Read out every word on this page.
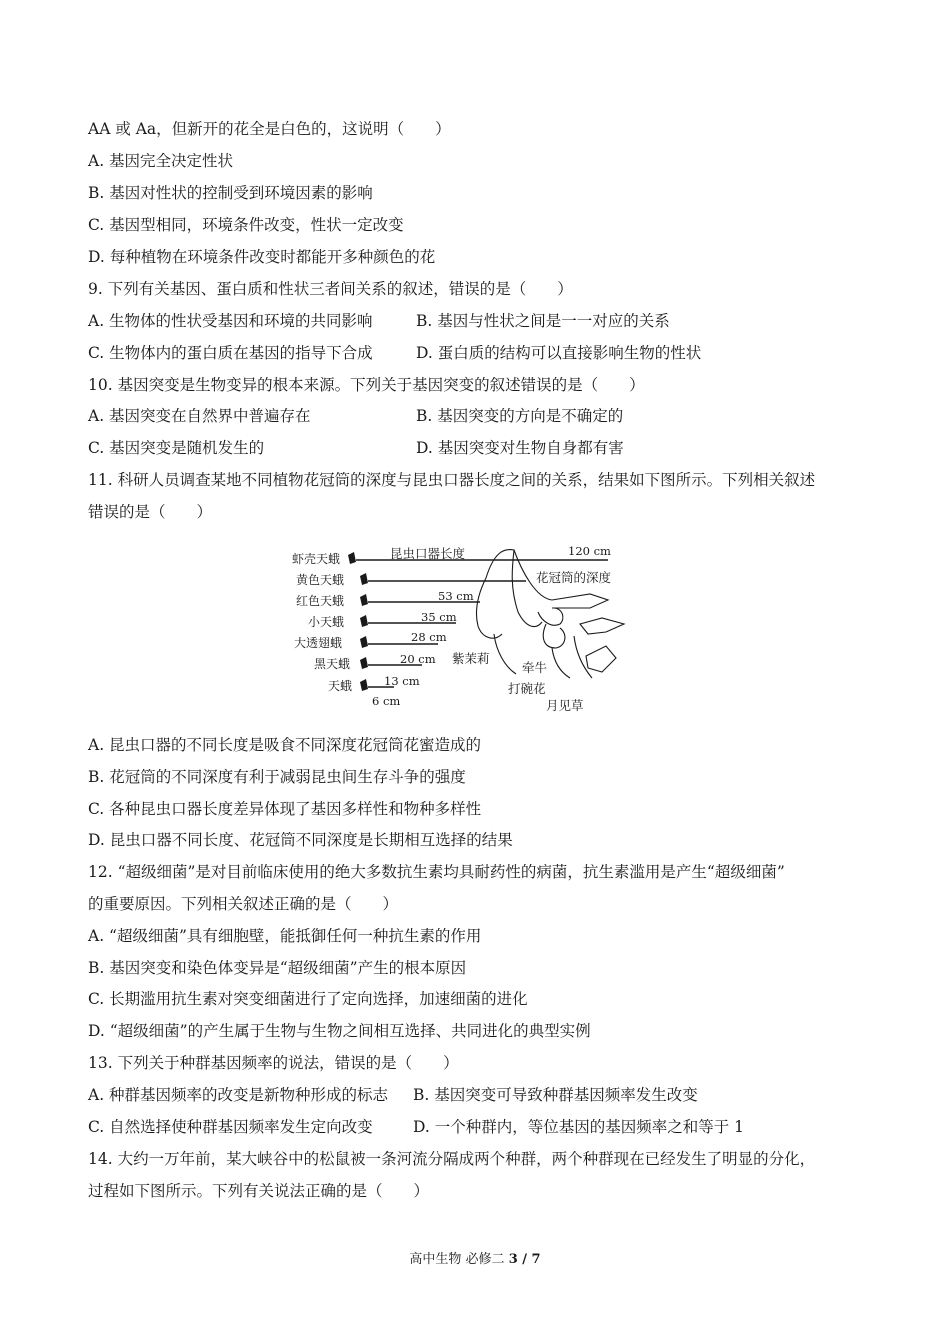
AA 或 Aa，但新开的花全是白色的，这说明（　　）
A. 基因完全决定性状
B. 基因对性状的控制受到环境因素的影响
C. 基因型相同，环境条件改变，性状一定改变
D. 每种植物在环境条件改变时都能开多种颜色的花
9. 下列有关基因、蛋白质和性状三者间关系的叙述，错误的是（　　）
A. 生物体的性状受基因和环境的共同影响	B. 基因与性状之间是一一对应的关系
C. 生物体内的蛋白质在基因的指导下合成	D. 蛋白质的结构可以直接影响生物的性状
10. 基因突变是生物变异的根本来源。下列关于基因突变的叙述错误的是（　　）
A. 基因突变在自然界中普遍存在	B. 基因突变的方向是不确定的
C. 基因突变是随机发生的	D. 基因突变对生物自身都有害
11. 科研人员调查某地不同植物花冠筒的深度与昆虫口器长度之间的关系，结果如下图所示。下列相关叙述
错误的是（　　）
虾壳天蛾
黄色天蛾
红色天蛾
小天蛾
大透翅蛾
黑天蛾
天蛾
120 cm
53 cm
35 cm
28 cm
20 cm
13 cm
6 cm
昆虫口器长度
花冠筒的深度
紫茉莉
牵牛
打碗花
月见草
A. 昆虫口器的不同长度是吸食不同深度花冠筒花蜜造成的
B. 花冠筒的不同深度有利于减弱昆虫间生存斗争的强度
C. 各种昆虫口器长度差异体现了基因多样性和物种多样性
D. 昆虫口器不同长度、花冠筒不同深度是长期相互选择的结果
12. “超级细菌”是对目前临床使用的绝大多数抗生素均具耐药性的病菌，抗生素滥用是产生“超级细菌”
的重要原因。下列相关叙述正确的是（　　）
A. “超级细菌”具有细胞壁，能抵御任何一种抗生素的作用
B. 基因突变和染色体变异是“超级细菌”产生的根本原因
C. 长期滥用抗生素对突变细菌进行了定向选择，加速细菌的进化
D. “超级细菌”的产生属于生物与生物之间相互选择、共同进化的典型实例
13. 下列关于种群基因频率的说法，错误的是（　　）
A. 种群基因频率的改变是新物种形成的标志 B. 基因突变可导致种群基因频率发生改变
C. 自然选择使种群基因频率发生定向改变	D. 一个种群内，等位基因的基因频率之和等于 1
14. 大约一万年前，某大峡谷中的松鼠被一条河流分隔成两个种群，两个种群现在已经发生了明显的分化，
过程如下图所示。下列有关说法正确的是（　　）
高中生物 必修二 3 / 7
